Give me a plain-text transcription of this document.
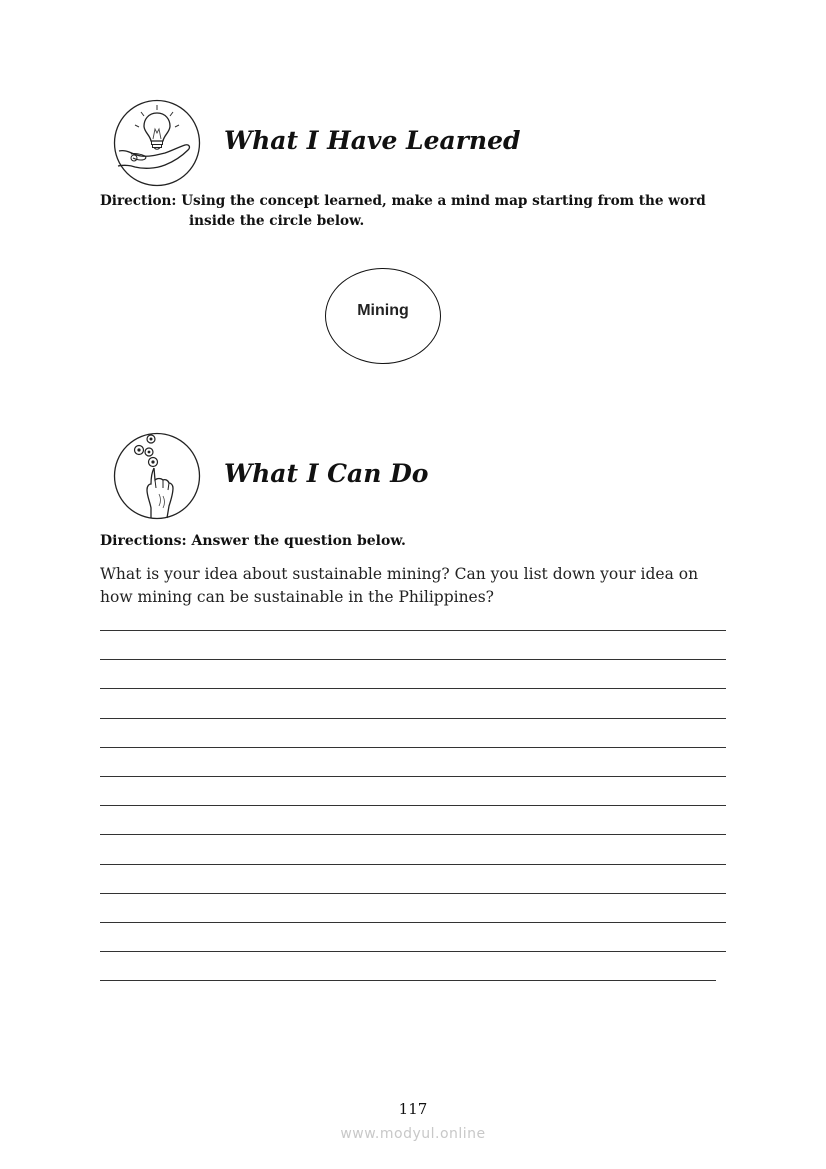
What I Have Learned
Direction: Using the concept learned, make a mind map starting from the word
inside the circle below.
Mining
What I Can Do
Directions: Answer the question below.
What is your idea about sustainable mining? Can you list down your idea on
how mining can be sustainable in the Philippines?
117
www.modyul.online
